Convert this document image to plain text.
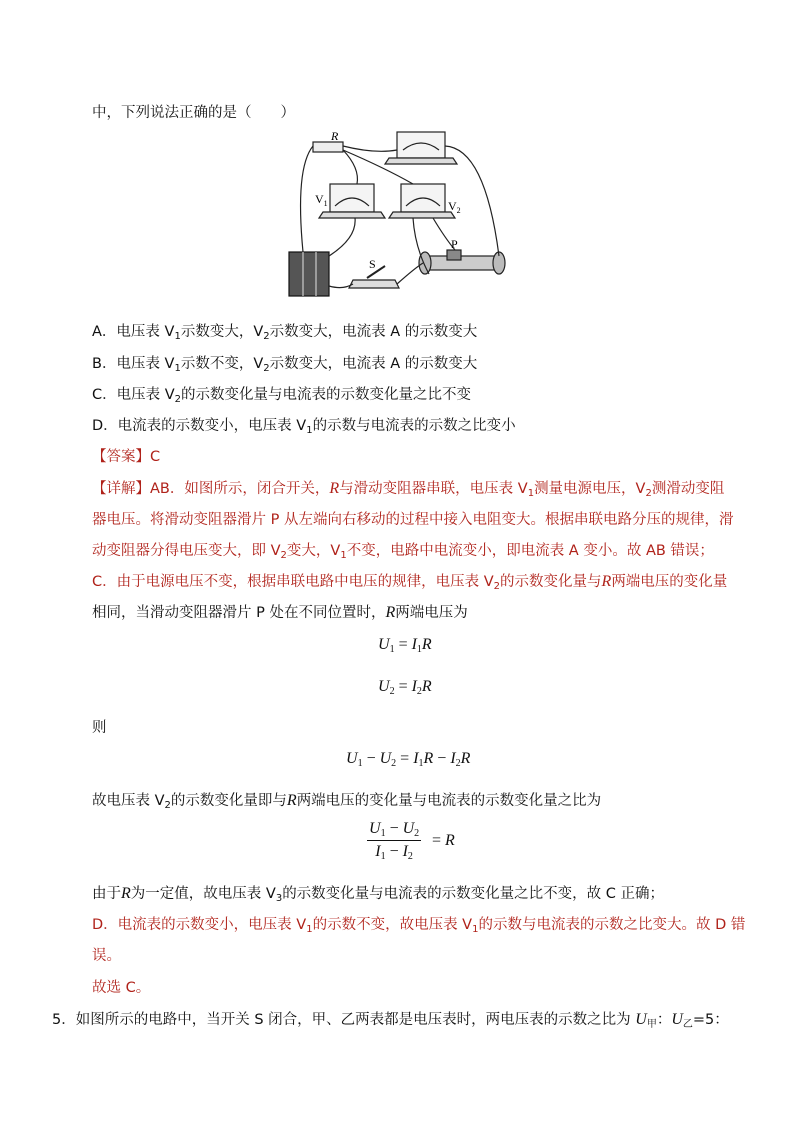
中，下列说法正确的是（　　）
R
$V_1$	$V_2$
S
P
A．电压表 $V_1$示数变大，$V_2$示数变大，电流表 A 的示数变大
B．电压表 $V_1$示数不变，$V_2$示数变大，电流表 A 的示数变大
C．电压表 $V_2$的示数变化量与电流表的示数变化量之比不变
D．电流表的示数变小，电压表 $V_1$的示数与电流表的示数之比变小
【答案】C
【详解】AB．如图所示，闭合开关，R与滑动变阻器串联，电压表 $V_1$测量电源电压，$V_2$测滑动变阻
器电压。将滑动变阻器滑片 P 从左端向右移动的过程中接入电阻变大。根据串联电路分压的规律，滑
动变阻器分得电压变大，即 $V_2$变大，$V_1$不变，电路中电流变小，即电流表 A 变小。故 AB 错误；
C．由于电源电压不变，根据串联电路中电压的规律，电压表 $V_2$的示数变化量与R两端电压的变化量
相同，当滑动变阻器滑片 P 处在不同位置时，R两端电压为
$U_1 = I_1R$
$U_2 = I_2R$
则
$U_1 - U_2 = I_1R - I_2R$
故电压表 $V_2$的示数变化量即与R两端电压的变化量与电流表的示数变化量之比为
$\frac{U_1 - U_2}{I_1 - I_2} = R$
由于R为一定值，故电压表 $V_3$的示数变化量与电流表的示数变化量之比不变，故 C 正确；
D．电流表的示数变小，电压表 $V_1$的示数不变，故电压表 $V_1$的示数与电流表的示数之比变大。故 D 错
误。
故选 C。
5．如图所示的电路中，当开关 S 闭合，甲、乙两表都是电压表时，两电压表的示数之比为 $U_甲$：$U_乙=5$：
